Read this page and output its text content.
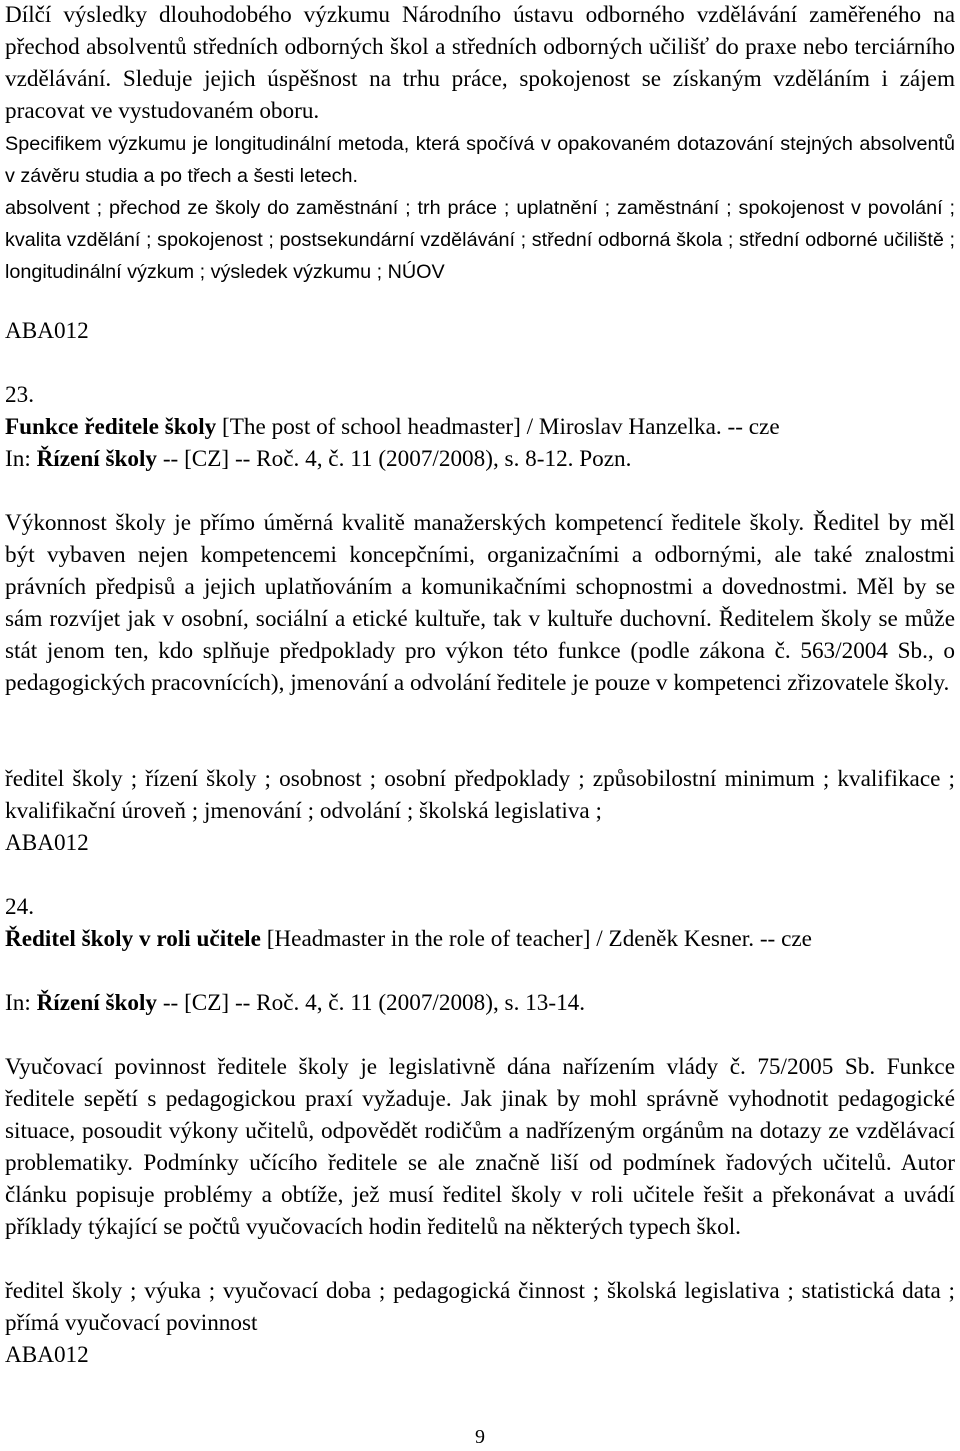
Dílčí výsledky dlouhodobého výzkumu Národního ústavu odborného vzdělávání zaměřeného na přechod absolventů středních odborných škol a středních odborných učilišť do praxe nebo terciárního vzdělávání. Sleduje jejich úspěšnost na trhu práce, spokojenost se získaným vzděláním i zájem pracovat ve vystudovaném oboru.

Specifikem výzkumu je longitudinální metoda, která spočívá v opakovaném dotazování stejných absolventů v závěru studia a po třech a šesti letech.

absolvent ; přechod ze školy do zaměstnání ; trh práce ; uplatnění ; zaměstnání ; spokojenost v povolání ; kvalita vzdělání ; spokojenost ; postsekundární vzdělávání ; střední odborná škola ; střední odborné učiliště ; longitudinální výzkum ; výsledek výzkumu ; NÚOV

ABA012

23.

Funkce ředitele školy [The post of school headmaster] / Miroslav Hanzelka. -- cze

In: Řízení školy -- [CZ] -- Roč. 4, č. 11 (2007/2008), s. 8-12. Pozn.

Výkonnost školy je přímo úměrná kvalitě manažerských kompetencí ředitele školy. Ředitel by měl být vybaven nejen kompetencemi koncepčními, organizačními a odbornými, ale také znalostmi právních předpisů a jejich uplatňováním a komunikačními schopnostmi a dovednostmi. Měl by se sám rozvíjet jak v osobní, sociální a etické kultuře, tak v kultuře duchovní. Ředitelem školy se může stát jenom ten, kdo splňuje předpoklady pro výkon této funkce (podle zákona č. 563/2004 Sb., o pedagogických pracovnících), jmenování a odvolání ředitele je pouze v kompetenci zřizovatele školy.

ředitel školy ; řízení školy ; osobnost ; osobní předpoklady ; způsobilostní minimum ; kvalifikace ; kvalifikační úroveň ; jmenování ; odvolání ; školská legislativa ;

ABA012

24.

Ředitel školy v roli učitele [Headmaster in the role of teacher] / Zdeněk Kesner. -- cze

In: Řízení školy -- [CZ] -- Roč. 4, č. 11 (2007/2008), s. 13-14.

Vyučovací povinnost ředitele školy je legislativně dána nařízením vlády č. 75/2005 Sb. Funkce ředitele sepětí s pedagogickou praxí vyžaduje. Jak jinak by mohl správně vyhodnotit pedagogické situace, posoudit výkony učitelů, odpovědět rodičům a nadřízeným orgánům na dotazy ze vzdělávací problematiky. Podmínky učícího ředitele se ale značně liší od podmínek řadových učitelů. Autor článku popisuje problémy a obtíže, jež musí ředitel školy v roli učitele řešit a překonávat a uvádí příklady týkající se počtů vyučovacích hodin ředitelů na některých typech škol.

ředitel školy ; výuka ; vyučovací doba ; pedagogická činnost ; školská legislativa ; statistická data ; přímá vyučovací povinnost

ABA012

9
